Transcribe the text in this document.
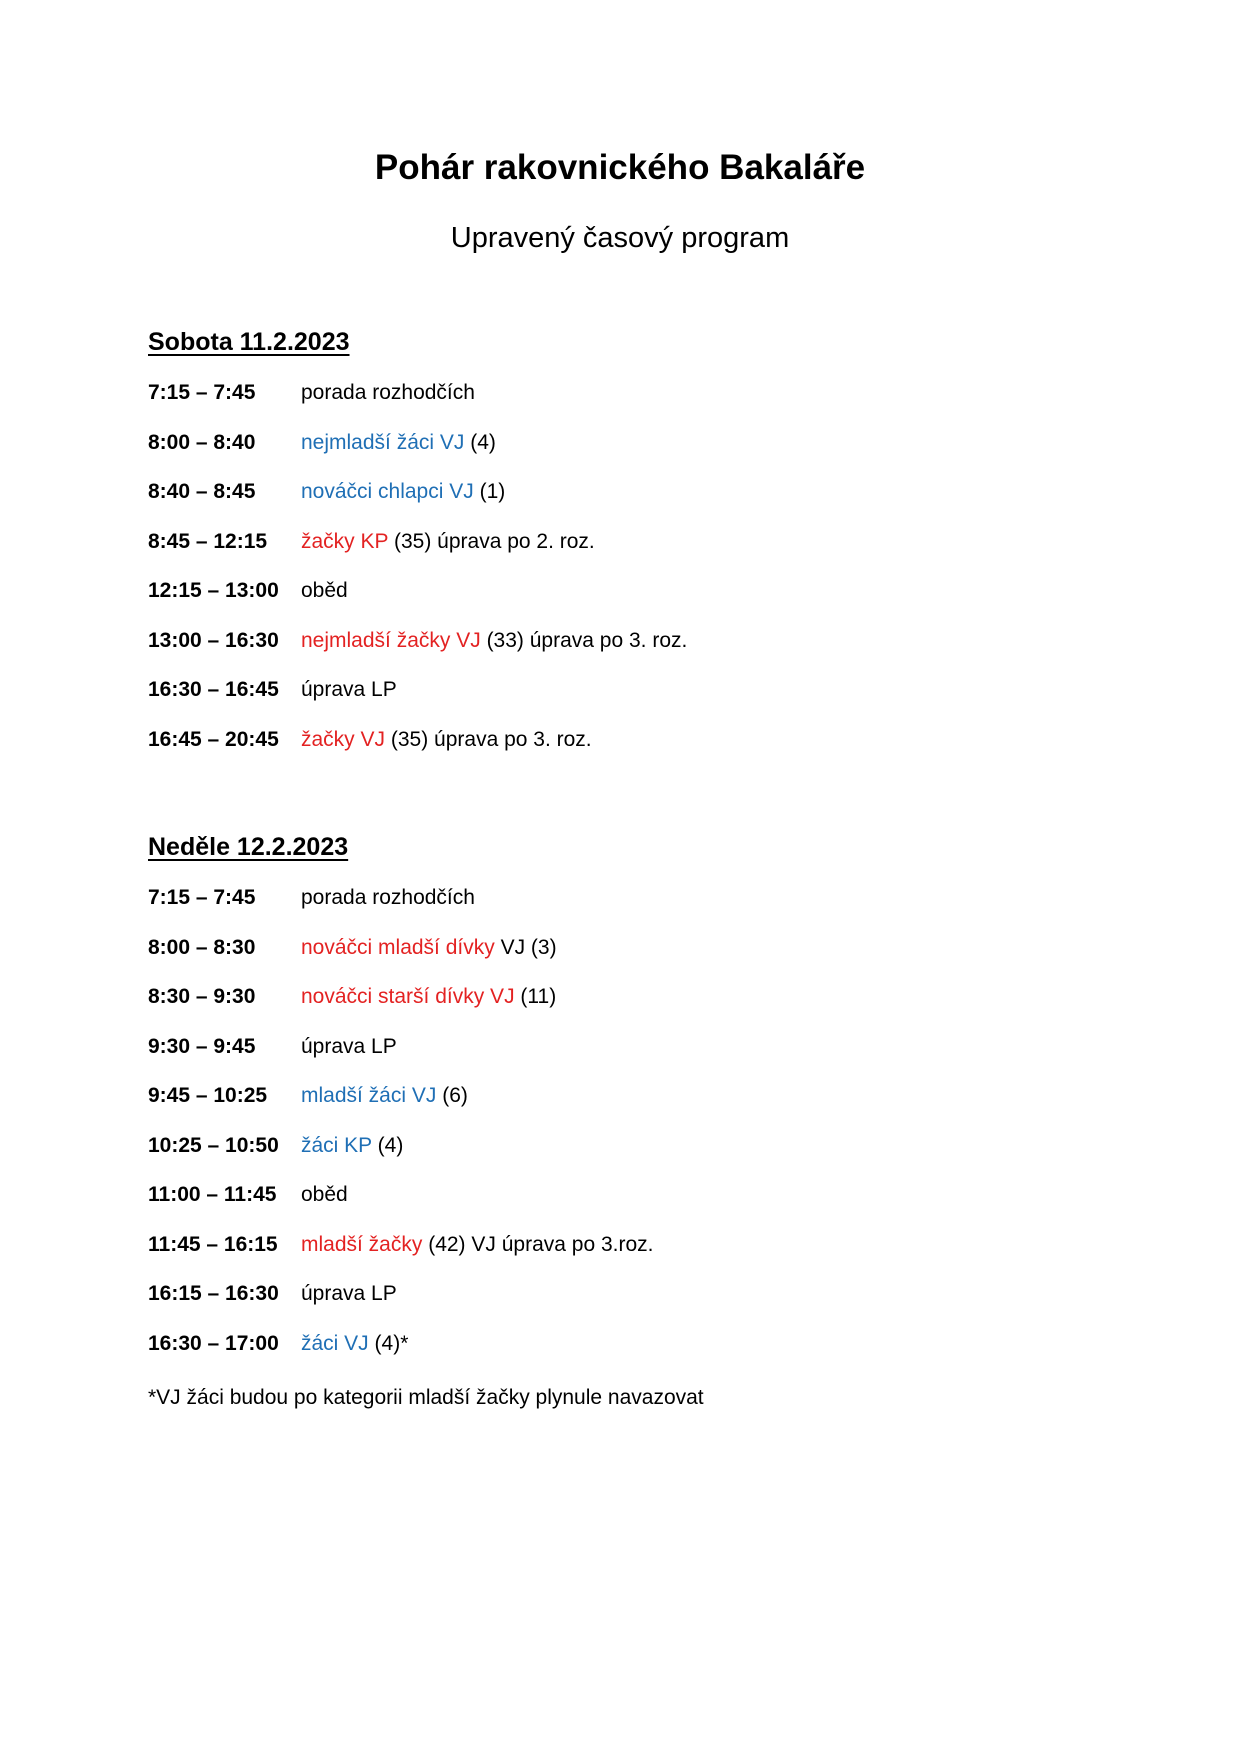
Pohár rakovnického Bakaláře
Upravený časový program
Sobota 11.2.2023
7:15 – 7:45 porada rozhodčích
8:00 – 8:40 nejmladší žáci VJ (4)
8:40 – 8:45 nováčci chlapci VJ (1)
8:45 – 12:15 žačky KP (35) úprava po 2. roz.
12:15 – 13:00 oběd
13:00 – 16:30 nejmladší žačky VJ (33) úprava po 3. roz.
16:30 – 16:45 úprava LP
16:45 – 20:45 žačky VJ (35) úprava po 3. roz.
Neděle 12.2.2023
7:15 – 7:45 porada rozhodčích
8:00 – 8:30 nováčci mladší dívky VJ (3)
8:30 – 9:30 nováčci starší dívky VJ (11)
9:30 – 9:45 úprava LP
9:45 – 10:25 mladší žáci VJ (6)
10:25 – 10:50 žáci KP (4)
11:00 – 11:45 oběd
11:45 – 16:15 mladší žačky (42) VJ úprava po 3.roz.
16:15 – 16:30 úprava LP
16:30 – 17:00 žáci VJ (4)*
*VJ žáci budou po kategorii mladší žačky plynule navazovat
